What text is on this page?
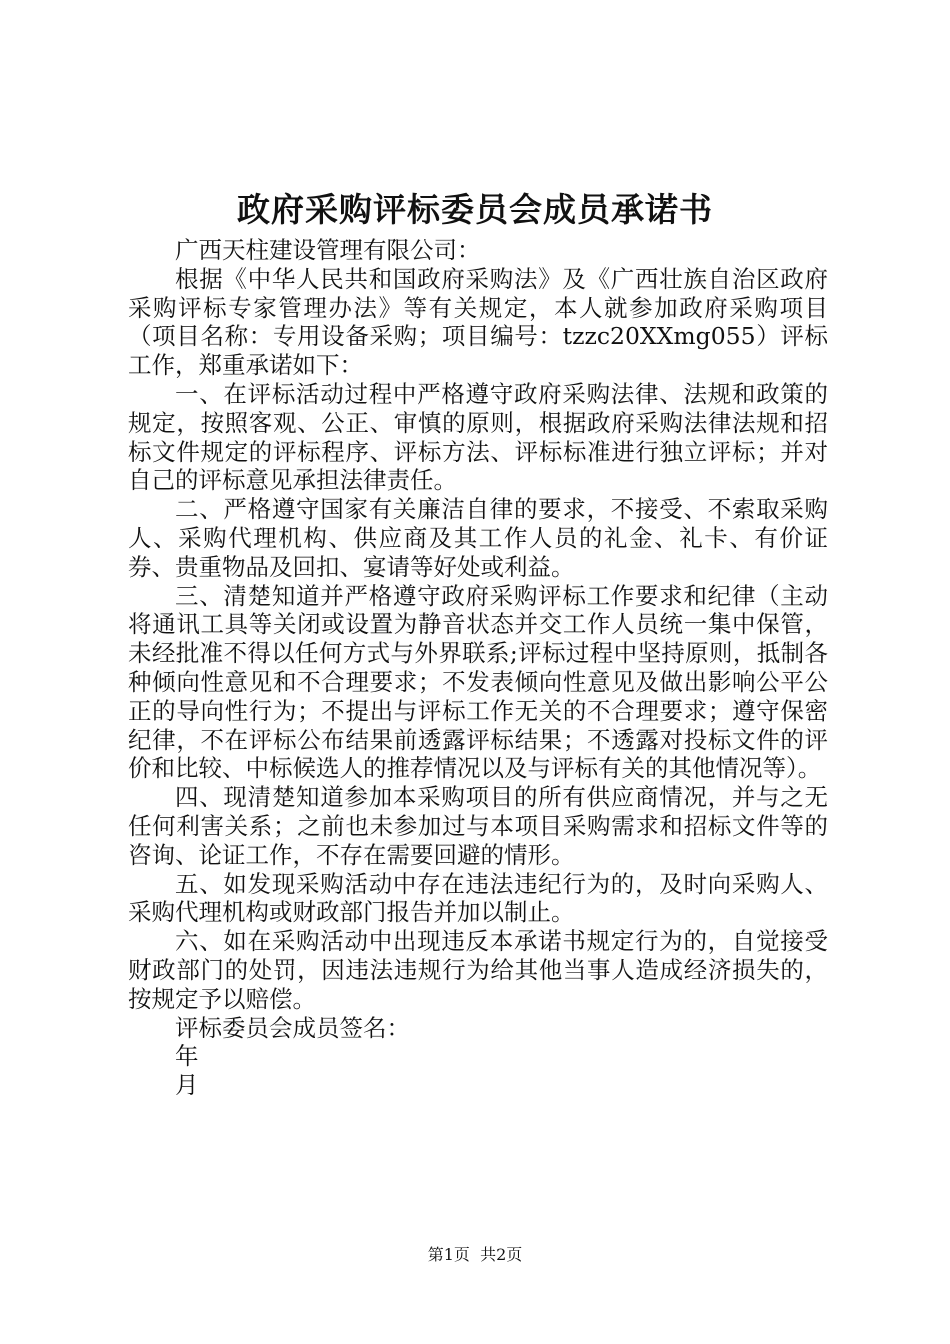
政府采购评标委员会成员承诺书

广西天柱建设管理有限公司：

根据《中华人民共和国政府采购法》及《广西壮族自治区政府采购评标专家管理办法》等有关规定，本人就参加政府采购项目（项目名称：专用设备采购；项目编号：tzzc20XXmg055）评标工作，郑重承诺如下：

一、在评标活动过程中严格遵守政府采购法律、法规和政策的规定，按照客观、公正、审慎的原则，根据政府采购法律法规和招标文件规定的评标程序、评标方法、评标标准进行独立评标；并对自己的评标意见承担法律责任。

二、严格遵守国家有关廉洁自律的要求，不接受、不索取采购人、采购代理机构、供应商及其工作人员的礼金、礼卡、有价证券、贵重物品及回扣、宴请等好处或利益。

三、清楚知道并严格遵守政府采购评标工作要求和纪律（主动将通讯工具等关闭或设置为静音状态并交工作人员统一集中保管，未经批准不得以任何方式与外界联系;评标过程中坚持原则，抵制各种倾向性意见和不合理要求；不发表倾向性意见及做出影响公平公正的导向性行为；不提出与评标工作无关的不合理要求；遵守保密纪律，不在评标公布结果前透露评标结果；不透露对投标文件的评价和比较、中标候选人的推荐情况以及与评标有关的其他情况等）。

四、现清楚知道参加本采购项目的所有供应商情况，并与之无任何利害关系；之前也未参加过与本项目采购需求和招标文件等的咨询、论证工作，不存在需要回避的情形。

五、如发现采购活动中存在违法违纪行为的，及时向采购人、采购代理机构或财政部门报告并加以制止。

六、如在采购活动中出现违反本承诺书规定行为的，自觉接受财政部门的处罚，因违法违规行为给其他当事人造成经济损失的，按规定予以赔偿。

评标委员会成员签名：

年

月

第1页  共2页
